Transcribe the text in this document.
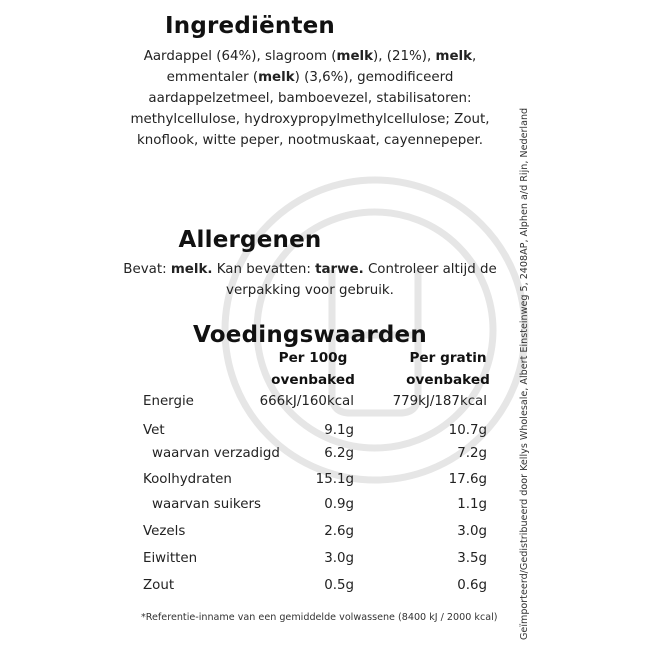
Ingrediënten
Aardappel (64%), slagroom (melk), (21%), melk,
emmentaler (melk) (3,6%), gemodificeerd
aardappelzetmeel, bamboevezel, stabilisatoren:
methylcellulose, hydroxypropylmethylcellulose; Zout,
knoflook, witte peper, nootmuskaat, cayennepeper.
Allergenen
Bevat: melk. Kan bevatten: tarwe. Controleer altijd de
verpakking voor gebruik.
Voedingswaarden
Per 100g
ovenbaked
Per gratin
ovenbaked
Energie	666kJ/160kcal	779kJ/187kcal
Vet	9.1g	10.7g
waarvan verzadigd	6.2g	7.2g
Koolhydraten	15.1g	17.6g
waarvan suikers	0.9g	1.1g
Vezels	2.6g	3.0g
Eiwitten	3.0g	3.5g
Zout	0.5g	0.6g
*Referentie-inname van een gemiddelde volwassene (8400 kJ / 2000 kcal) Geïmporteerd/Gedistribueerd door Kellys Wholesale, Albert Einsteinweg 5, 2408AP, Alphen a/d Rijn, Nederland
